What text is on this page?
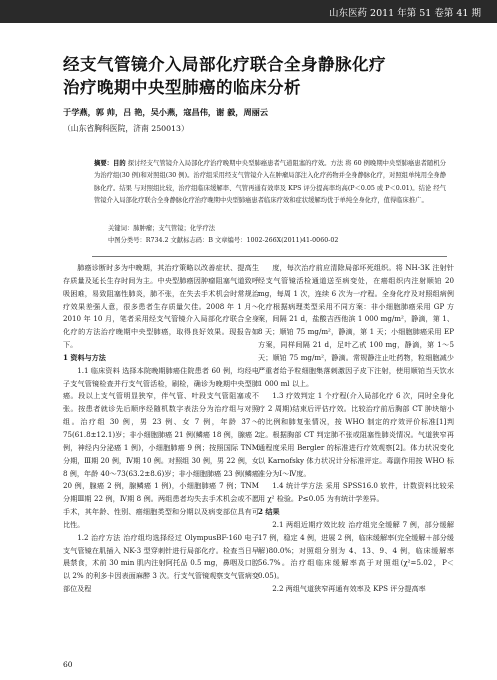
山东医药 2011 年第 51 卷第 41 期
经支气管镜介入局部化疗联合全身静脉化疗
治疗晚期中央型肺癌的临床分析
于学燕，郭 帅，吕 艳，吴小燕，寇昌伟，谢 毅，周丽云
（山东省胸科医院，济南 250013）
摘要：目的 探讨经支气管镜介入局部化疗治疗晚期中央型肺癌患者气道阻塞的疗效。方法 将 60 例晚期中央型肺癌患者随机分为治疗组(30 例)和对照组(30 例)。治疗组采用经支气管镜介入在肿瘤局部注入化疗药物并全身静脉化疗，对照组单纯用全身静脉化疗。结果 与对照组比较，治疗组临床缓解率、气管再通有效率及 KPS 评分提高率均高(P＜0.05 或 P＜0.01)。结论 经气管镜介入局部化疗联合全身静脉化疗治疗晚期中央型肺癌患者临床疗效和症状缓解均优于单纯全身化疗，值得临床推广。
关键词：肺肿瘤；支气管镜；化学疗法
中图分类号：R734.2 文献标志码：B 文章编号：1002-266X(2011)41-0060-02

肺癌诊断时多为中晚期，其治疗策略以改善症状、提高生存质量及延长生存时间为主。中央型肺癌因肿瘤阻塞气道致呼吸困难，易致阻塞性肺炎，肺不张，在失去手术机会时常规治疗效果差强人意，很多患者生存质量欠佳。2008 年 1 月～2010 年 10 月，笔者采用经支气管镜介入局部化疗联合全身化疗的方法治疗晚期中央型肺癌，取得良好效果。现报告如下。

1 资料与方法

1.1 临床资料 选择本院晚期肺癌住院患者 60 例，均经电子支气管镜检查并行支气管活检，刷检，确诊为晚期中央型肺癌。段以上支气管明显狭窄，伴气管、叶段支气管阻塞或不张。按患者就诊先后顺序经随机数字表法分为治疗组与对照组。治疗组 30 例，男 23 例、女 7 例，年龄 37～75(61.8±12.1)岁；非小细胞肺癌 21 例(鳞癌 18 例，腺癌 2 例，神经内分泌癌 1 例)，小细胞肺癌 9 例；按照国际 TNM 分期，Ⅲ期 20 例，Ⅳ期 10 例。对照组 30 例，男 22 例，女 8 例，年龄 40～73(63.2±8.6)岁；非小细胞肺癌 23 例(鳞癌 20 例，腺癌 2 例，腺鳞癌 1 例)，小细胞肺癌 7 例；TNM 分期Ⅲ期 22 例，Ⅳ期 8 例。两组患者均失去手术机会或不愿手术，其年龄、性别、癌细胞类型和分期以及病变部位具有可比性。

1.2 治疗方法 治疗组均选择经过 OlympusBF-160 电子支气管镜在肌插入 NK-3 型穿刺针进行局部化疗。检查当日早晨禁食，术前 30 min 肌内注射阿托品 0.5 mg，鼻咽及口腔以 2% 的利多卡因表面麻醉 3 次。行支气管镜观察支气管病变部位及程

度，每次治疗前应清除局部坏死组织。将 NH-3K 注射针经支气管镜活检通道送至病变处，在癌组织内注射顺铂 20 mg，每周 1 次，连续 6 次为一疗程。全身化疗及对照组病例化疗根据病理类型采用不同方案：非小细胞肺癌采用 GP 方案，间隔 21 d，盐酸吉西他滨 1 000 mg/m²，静滴，第 1、8 天；顺铂 75 mg/m²，静滴，第 1 天；小细胞肺癌采用 EP 方案，同样间隔 21 d，足叶乙甙 100 mg，静滴，第 1～5 天；顺铂 75 mg/m²，静滴。常规静注止吐药物，粒细胞减少严重者给予粒细胞集落刺激因子皮下注射，使用顺铂当天饮水 1 000 ml 以上。

1.3 疗效判定 1 个疗程(介入局部化疗 6 次，同时全身化疗 2 周期)结束后评估疗效。比较治疗前后胸部 CT 肿块缩小的比例和肺复张情况，按 WHO 制定的疗效评价标准[1]判定。根据胸部 CT 判定肺不张或阻塞性肺炎情况。气道狭窄再通程度采用 Bergler 的标准进行疗效观察[2]。体力状况变化以 Karnofsky 体力状况计分标准评定。毒副作用按 WHO 标准分为Ⅰ～Ⅳ度。

1.4 统计学方法 采用 SPSS16.0 软件，计数资料比较采用 χ² 检验。P≤0.05 为有统计学差异。

2 结果

2.1 两组近期疗效比较 治疗组完全缓解 7 例，部分缓解 17 例，稳定 4 例，进展 2 例，临床缓解率(完全缓解＋部分缓解)80.0%；对照组分别为 4、13、9、4 例，临床缓解率 56.7%。治疗组临床缓解率高于对照组(χ²=5.02，P＜0.05)。

2.2 两组气道狭窄再通有效率及 KPS 评分提高率

60
